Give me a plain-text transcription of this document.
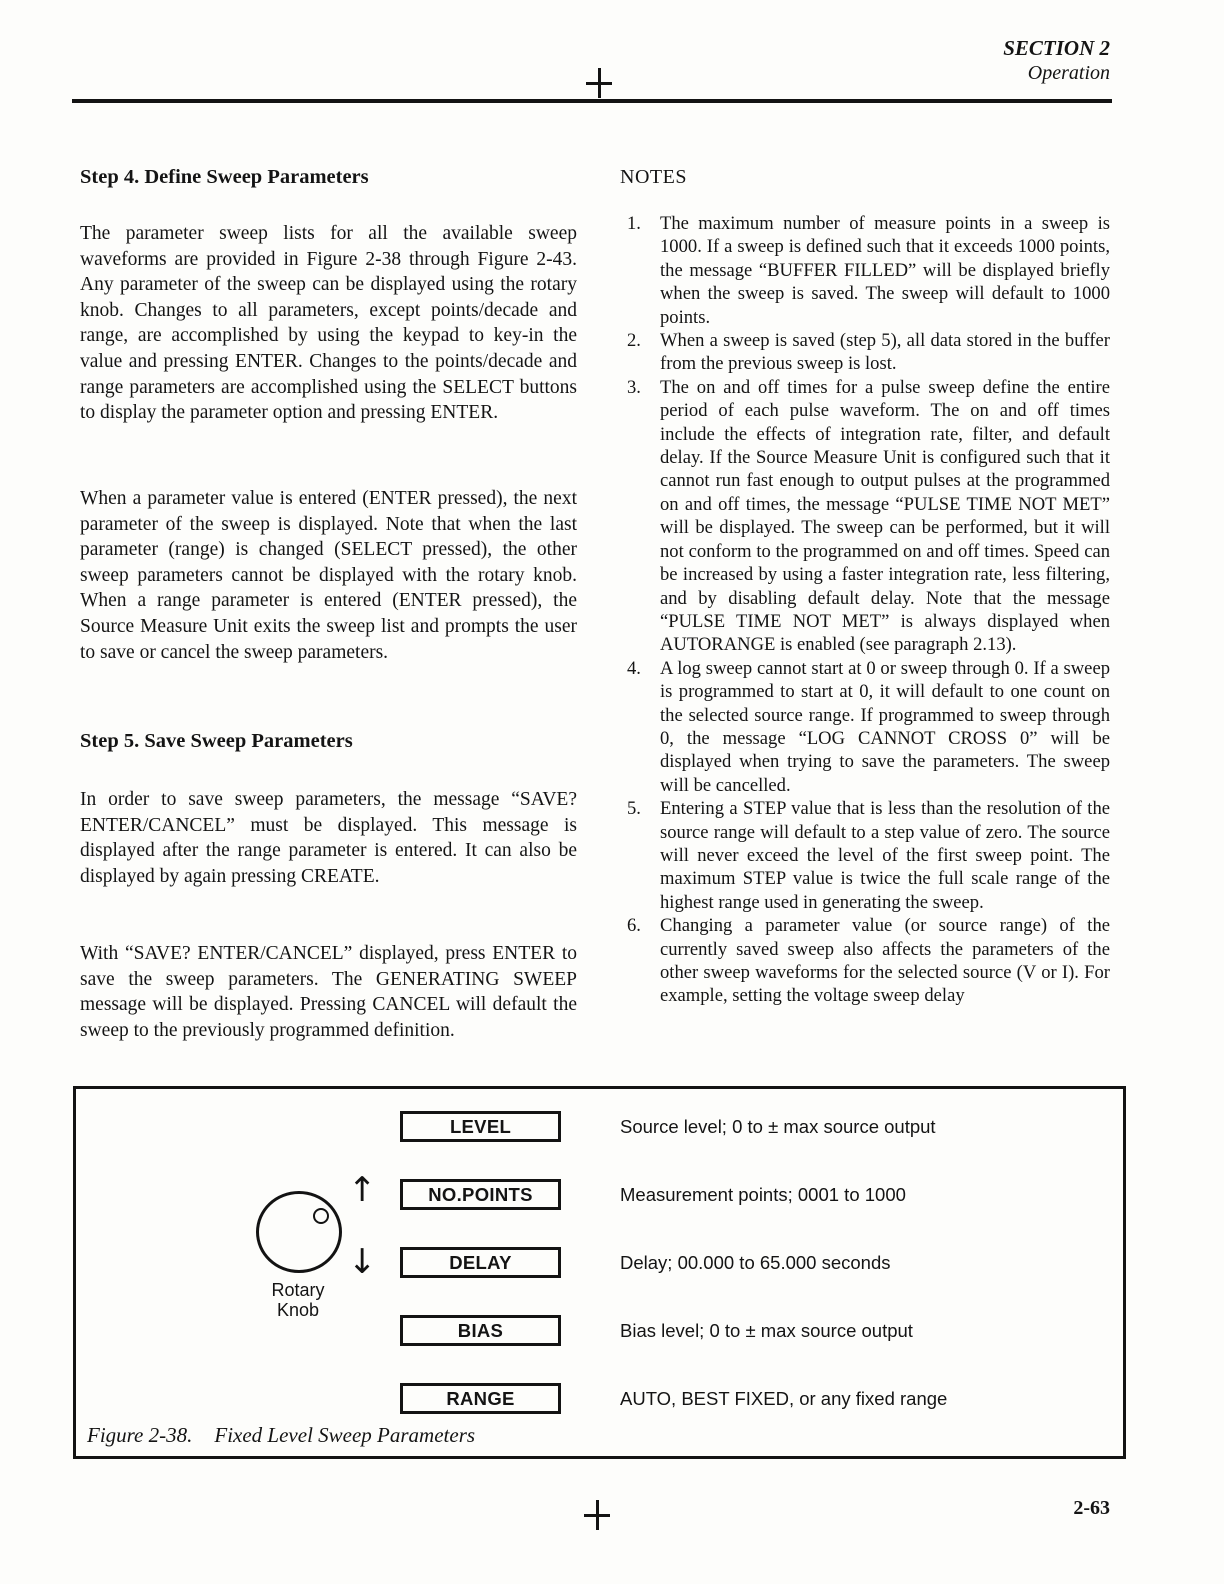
SECTION 2
Operation
Step 4. Define Sweep Parameters
The parameter sweep lists for all the available sweep waveforms are provided in Figure 2-38 through Figure 2-43. Any parameter of the sweep can be displayed using the rotary knob. Changes to all parameters, except points/decade and range, are accomplished by using the keypad to key-in the value and pressing ENTER. Changes to the points/decade and range parameters are accomplished using the SELECT buttons to display the parameter option and pressing ENTER.
When a parameter value is entered (ENTER pressed), the next parameter of the sweep is displayed. Note that when the last parameter (range) is changed (SELECT pressed), the other sweep parameters cannot be displayed with the rotary knob. When a range parameter is entered (ENTER pressed), the Source Measure Unit exits the sweep list and prompts the user to save or cancel the sweep parameters.
Step 5. Save Sweep Parameters
In order to save sweep parameters, the message “SAVE? ENTER/CANCEL” must be displayed. This message is displayed after the range parameter is entered. It can also be displayed by again pressing CREATE.
With “SAVE? ENTER/CANCEL” displayed, press ENTER to save the sweep parameters. The GENERATING SWEEP message will be displayed. Pressing CANCEL will default the sweep to the previously programmed definition.
NOTES
1. The maximum number of measure points in a sweep is 1000. If a sweep is defined such that it exceeds 1000 points, the message “BUFFER FILLED” will be displayed briefly when the sweep is saved. The sweep will default to 1000 points.
2. When a sweep is saved (step 5), all data stored in the buffer from the previous sweep is lost.
3. The on and off times for a pulse sweep define the entire period of each pulse waveform. The on and off times include the effects of integration rate, filter, and default delay. If the Source Measure Unit is configured such that it cannot run fast enough to output pulses at the programmed on and off times, the message “PULSE TIME NOT MET” will be displayed. The sweep can be performed, but it will not conform to the programmed on and off times. Speed can be increased by using a faster integration rate, less filtering, and by disabling default delay. Note that the message “PULSE TIME NOT MET” is always displayed when AUTORANGE is enabled (see paragraph 2.13).
4. A log sweep cannot start at 0 or sweep through 0. If a sweep is programmed to start at 0, it will default to one count on the selected source range. If programmed to sweep through 0, the message “LOG CANNOT CROSS 0” will be displayed when trying to save the parameters. The sweep will be cancelled.
5. Entering a STEP value that is less than the resolution of the source range will default to a step value of zero. The source will never exceed the level of the first sweep point. The maximum STEP value is twice the full scale range of the highest range used in generating the sweep.
6. Changing a parameter value (or source range) of the currently saved sweep also affects the parameters of the other sweep waveforms for the selected source (V or I). For example, setting the voltage sweep delay
↑
↓
Rotary
Knob
LEVEL	Source level; 0 to ± max source output
NO.POINTS	Measurement points; 0001 to 1000
DELAY	Delay; 00.000 to 65.000 seconds
BIAS	Bias level; 0 to ± max source output
RANGE	AUTO, BEST FIXED, or any fixed range
Figure 2-38. Fixed Level Sweep Parameters
2-63
